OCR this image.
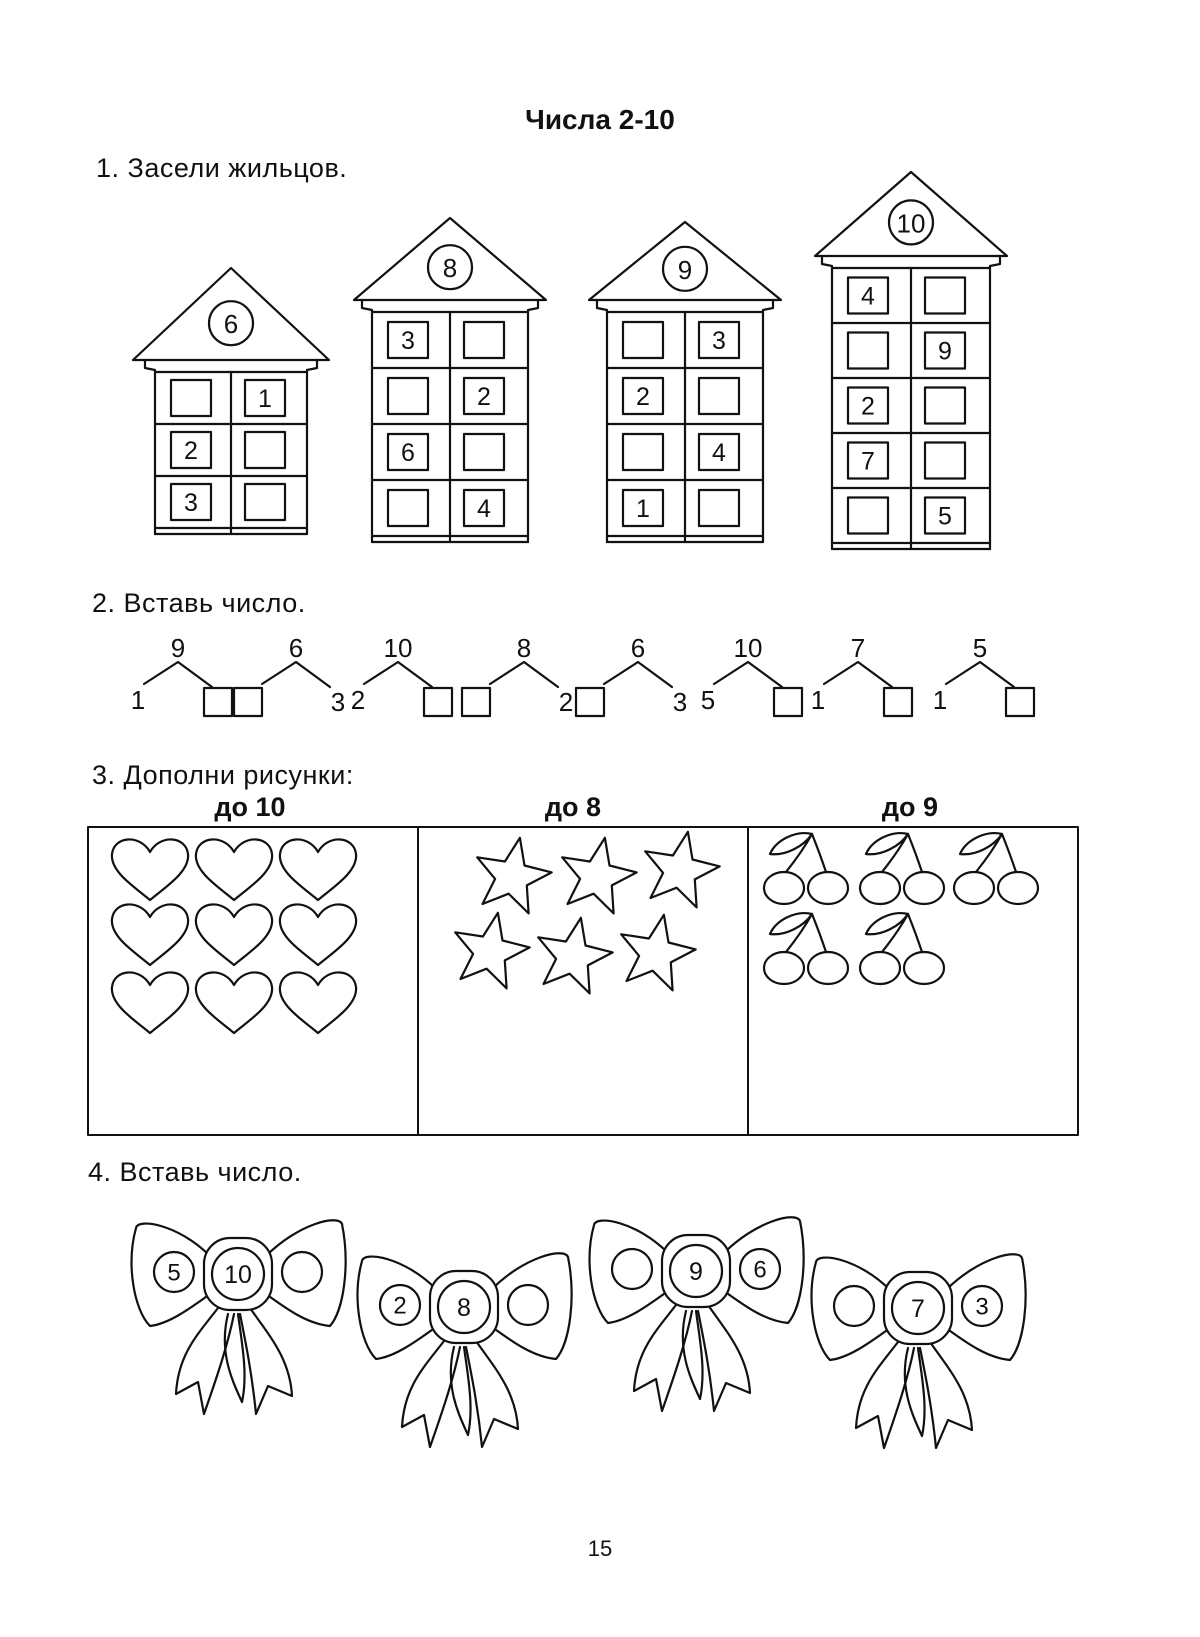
Числа 2-10
1. Засели жильцов.
2. Вставь число.
3. Дополни рисунки:
4. Вставь число.
6
1
2
3
8
3
2
6
4
9
3
2
4
1
10
4
9
2
7
5
9
1
6
3
10
2
8
2
6
3
10
5
7
1
5
1
до 10	до 8	до 9
10
5
8
2
9 6
7 3
15
